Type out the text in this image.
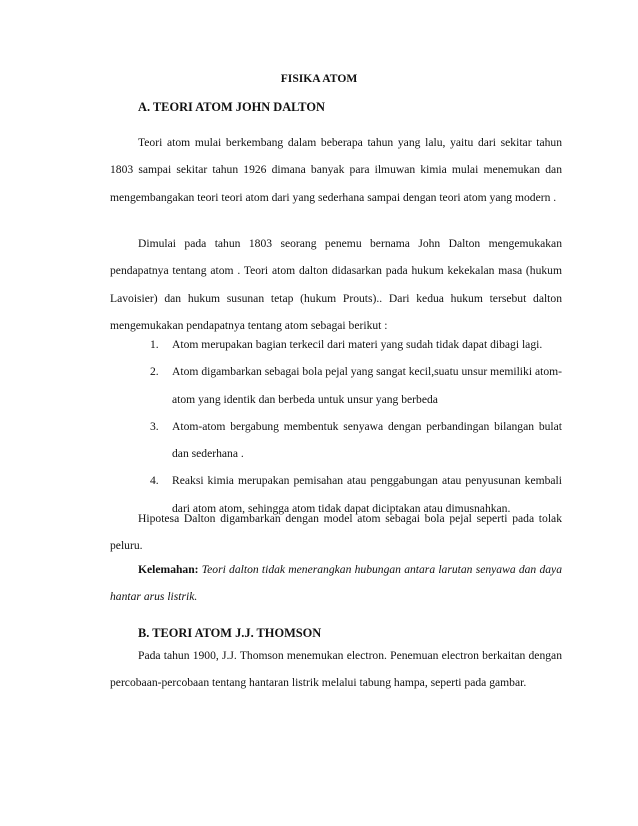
FISIKA ATOM
A. TEORI ATOM JOHN DALTON

Teori atom mulai berkembang dalam beberapa tahun yang lalu, yaitu dari sekitar tahun 1803 sampai sekitar tahun 1926 dimana banyak para ilmuwan kimia mulai menemukan dan mengembangakan teori teori atom dari yang sederhana sampai dengan teori atom yang modern .

Dimulai pada tahun 1803 seorang penemu bernama John Dalton mengemukakan pendapatnya tentang atom . Teori atom dalton didasarkan pada hukum kekekalan masa (hukum Lavoisier) dan hukum susunan tetap (hukum Prouts).. Dari kedua hukum tersebut dalton mengemukakan pendapatnya tentang atom sebagai berikut :

1.	Atom merupakan bagian terkecil dari materi yang sudah tidak dapat dibagi lagi.
2.	Atom digambarkan sebagai bola pejal yang sangat kecil,suatu unsur memiliki atom-atom yang identik dan berbeda untuk unsur yang berbeda
3.	Atom-atom bergabung membentuk senyawa dengan perbandingan bilangan bulat dan sederhana .
4.	Reaksi kimia merupakan pemisahan atau penggabungan atau penyusunan kembali dari atom atom, sehingga atom tidak dapat diciptakan atau dimusnahkan.

Hipotesa Dalton digambarkan dengan model atom sebagai bola pejal seperti pada tolak peluru.

Kelemahan: Teori dalton tidak menerangkan hubungan antara larutan senyawa dan daya hantar arus listrik.

B. TEORI ATOM J.J. THOMSON

Pada tahun 1900, J.J. Thomson menemukan electron. Penemuan electron berkaitan dengan percobaan-percobaan tentang hantaran listrik melalui tabung hampa, seperti pada gambar.
